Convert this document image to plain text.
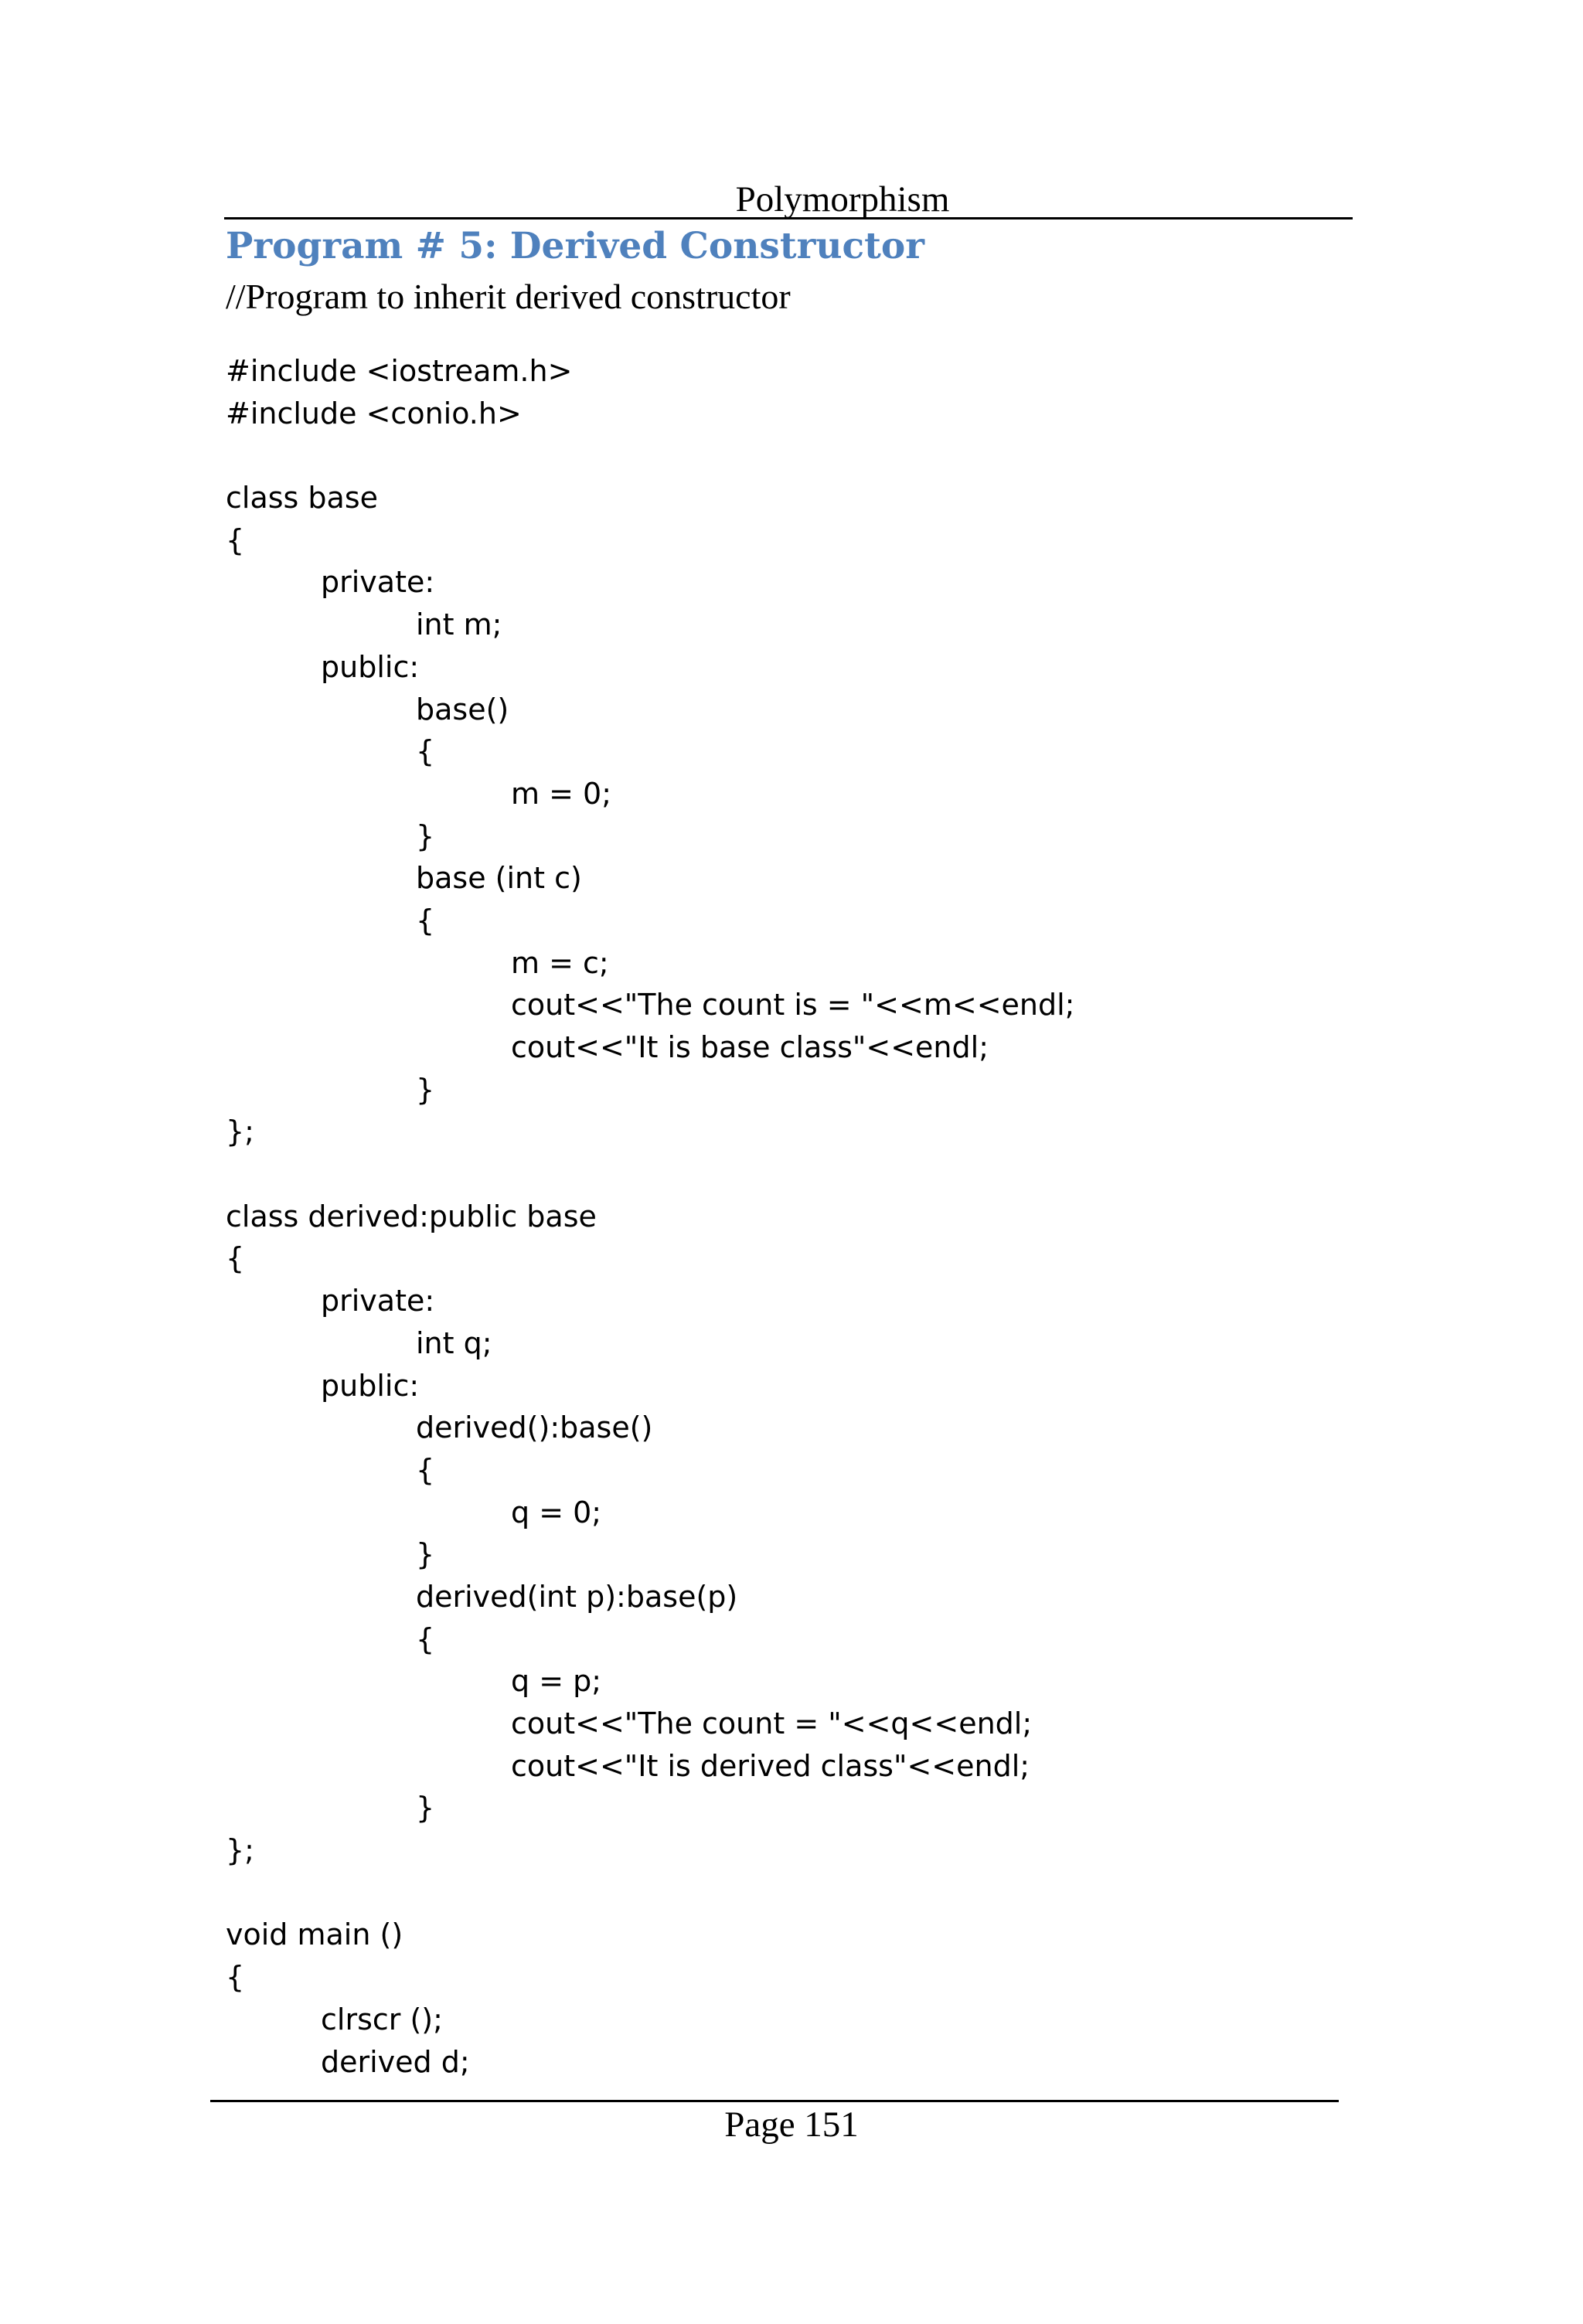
Polymorphism
Program # 5: Derived Constructor
//Program to inherit derived constructor
#include <iostream.h>
#include <conio.h>
class base
{
private:
int m;
public:
base()
{
m = 0;
}
base (int c)
{
m = c;
cout<<"The count is = "<<m<<endl;
cout<<"It is base class"<<endl;
}
};
class derived:public base
{
private:
int q;
public:
derived():base()
{
q = 0;
}
derived(int p):base(p)
{
q = p;
cout<<"The count = "<<q<<endl;
cout<<"It is derived class"<<endl;
}
};
void main ()
{
clrscr ();
derived d;
Page 151
